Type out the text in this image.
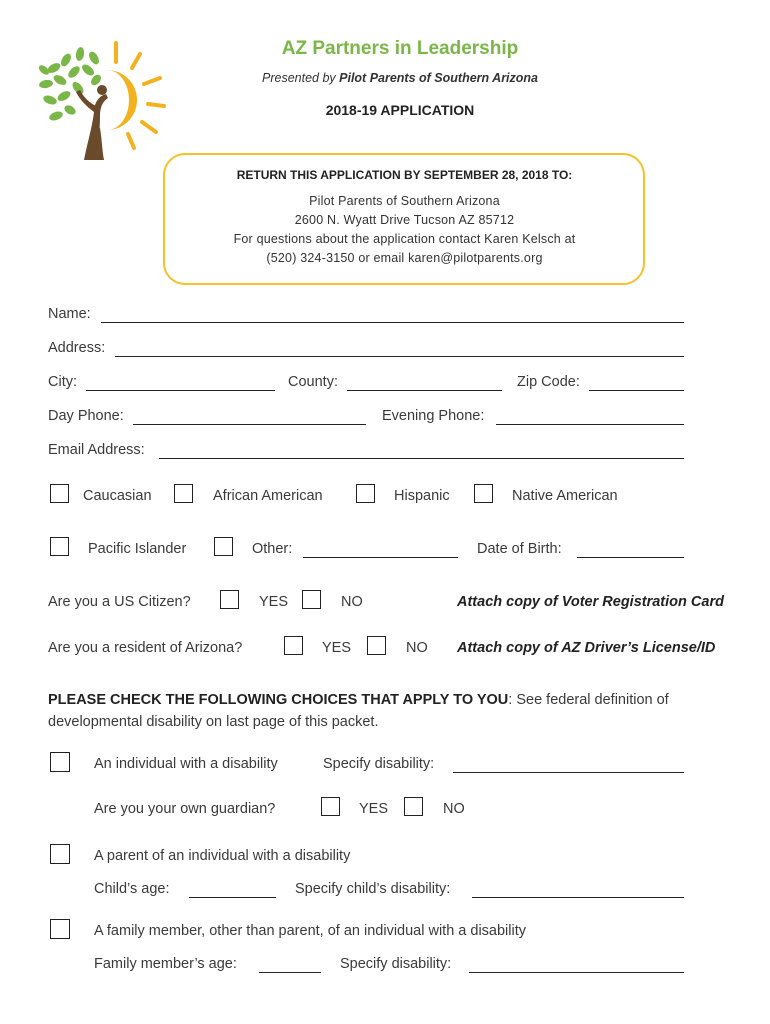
AZ Partners in Leadership
Presented by Pilot Parents of Southern Arizona
2018-19 APPLICATION
RETURN THIS APPLICATION BY SEPTEMBER 28, 2018 TO:
Pilot Parents of Southern Arizona
2600 N. Wyatt Drive Tucson AZ 85712
For questions about the application contact Karen Kelsch at
(520) 324-3150 or email karen@pilotparents.org
Name:
Address:
City:	County:	Zip Code:
Day Phone:	Evening Phone:
Email Address:
Caucasian	African American	Hispanic	Native American
Pacific Islander	Other:	Date of Birth:
Are you a US Citizen?	YES	NO	Attach copy of Voter Registration Card
Are you a resident of Arizona?	YES	NO Attach copy of AZ Driver’s License/ID
PLEASE CHECK THE FOLLOWING CHOICES THAT APPLY TO YOU: See federal definition of developmental disability on last page of this packet.
An individual with a disability	Specify disability:
Are you your own guardian?	YES	NO
A parent of an individual with a disability
Child’s age:	Specify child’s disability:
A family member, other than parent, of an individual with a disability
Family member’s age:	Specify disability:
